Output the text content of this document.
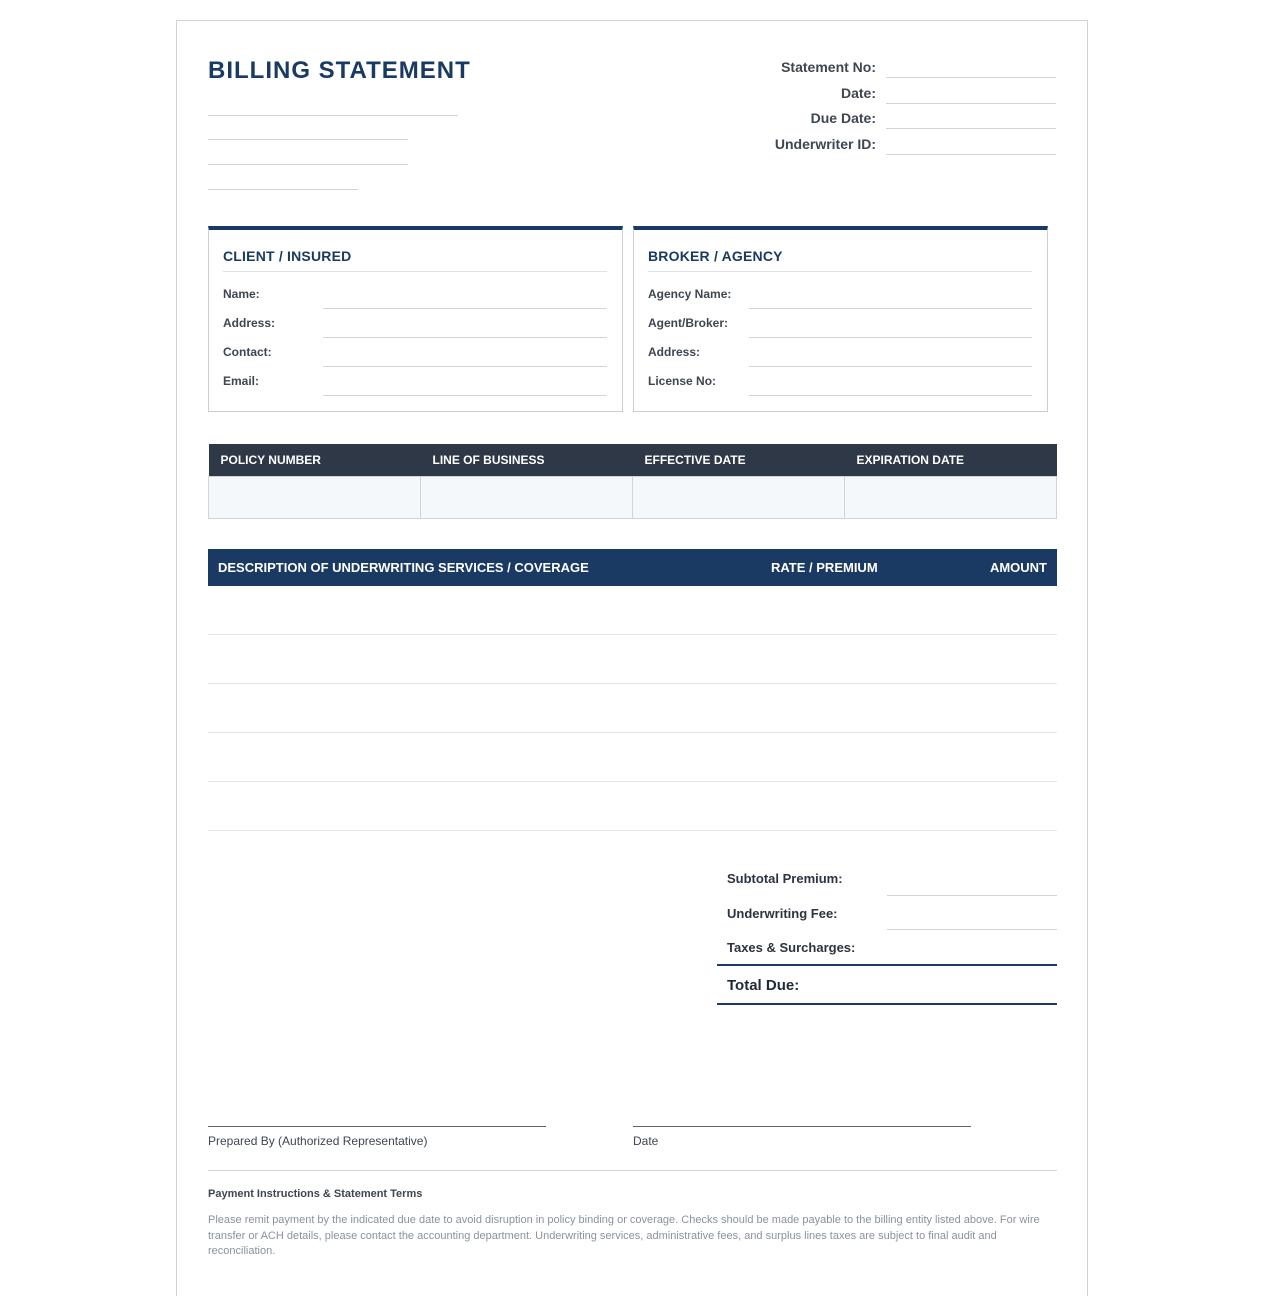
BILLING STATEMENT	Statement No:
Date:
Due Date:
Underwriter ID:
CLIENT / INSURED
Name:
Address:
Contact:
Email:
BROKER / AGENCY
Agency Name:
Agent/Broker:
Address:
License No:
POLICY NUMBER	LINE OF BUSINESS	EFFECTIVE DATE	EXPIRATION DATE

DESCRIPTION OF UNDERWRITING SERVICES / COVERAGE	RATE / PREMIUM	AMOUNT
Subtotal Premium:
Underwriting Fee:
Taxes & Surcharges:
Total Due:
Prepared By (Authorized Representative)	Date
Payment Instructions & Statement Terms
Please remit payment by the indicated due date to avoid disruption in policy binding or coverage. Checks should be made payable to the billing entity listed above. For wire transfer or ACH details, please contact the accounting department. Underwriting services, administrative fees, and surplus lines taxes are subject to final audit and reconciliation.
